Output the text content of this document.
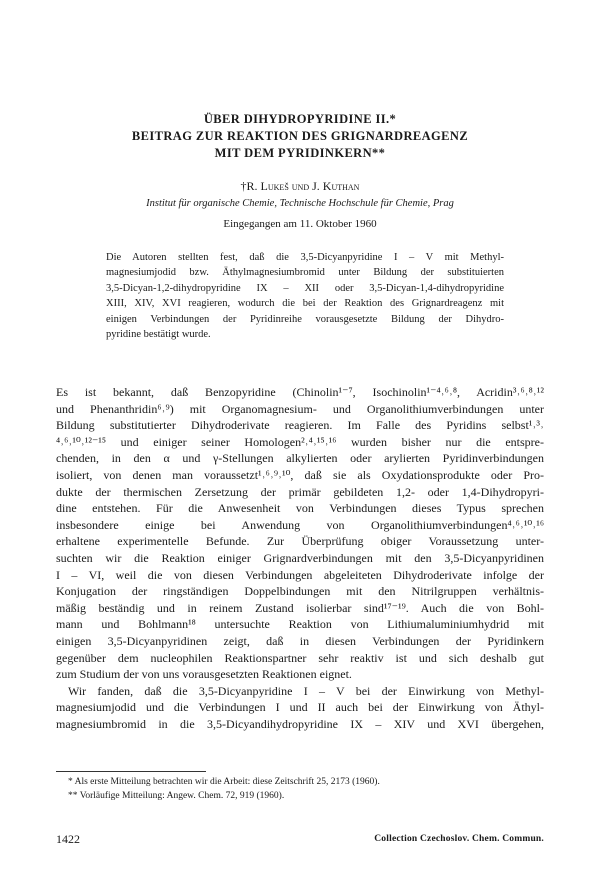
ÜBER DIHYDROPYRIDINE II.*
BEITRAG ZUR REAKTION DES GRIGNARDREAGENZ
MIT DEM PYRIDINKERN**
†R. Lukeš und J. Kuthan
Institut für organische Chemie, Technische Hochschule für Chemie, Prag
Eingegangen am 11. Oktober 1960
Die Autoren stellten fest, daß die 3,5-Dicyanpyridine I – V mit Methyl-
magnesiumjodid bzw. Äthylmagnesiumbromid unter Bildung der substituierten
3,5-Dicyan-1,2-dihydropyridine IX – XII oder 3,5-Dicyan-1,4-dihydropyridine
XIII, XIV, XVI reagieren, wodurch die bei der Reaktion des Grignardreagenz mit
einigen Verbindungen der Pyridinreihe vorausgesetzte Bildung der Dihydro-
pyridine bestätigt wurde.
Es ist bekannt, daß Benzopyridine (Chinolin¹⁻⁷, Isochinolin¹⁻⁴˒⁶˒⁸, Acridin³˒⁶˒⁸˒¹²
und Phenanthridin⁶˒⁹) mit Organomagnesium- und Organolithiumverbindungen unter
Bildung substitutierter Dihydroderivate reagieren. Im Falle des Pyridins selbst¹˒³˒
⁴˒⁶˒¹⁰˒¹²⁻¹⁵ und einiger seiner Homologen²˒⁴˒¹⁵˒¹⁶ wurden bisher nur die entspre-
chenden, in den α und γ-Stellungen alkylierten oder arylierten Pyridinverbindungen
isoliert, von denen man voraussetzt¹˒⁶˒⁹˒¹⁰, daß sie als Oxydationsprodukte oder Pro-
dukte der thermischen Zersetzung der primär gebildeten 1,2- oder 1,4-Dihydropyri-
dine entstehen. Für die Anwesenheit von Verbindungen dieses Typus sprechen
insbesondere einige bei Anwendung von Organolithiumverbindungen⁴˒⁶˒¹⁰˒¹⁶
erhaltene experimentelle Befunde. Zur Überprüfung obiger Voraussetzung unter-
suchten wir die Reaktion einiger Grignardverbindungen mit den 3,5-Dicyanpyridinen
I – VI, weil die von diesen Verbindungen abgeleiteten Dihydroderivate infolge der
Konjugation der ringständigen Doppelbindungen mit den Nitrilgruppen verhältnis-
mäßig beständig und in reinem Zustand isolierbar sind¹⁷⁻¹⁹. Auch die von Bohl-
mann und Bohlmann¹⁸ untersuchte Reaktion von Lithiumaluminiumhydrid mit
einigen 3,5-Dicyanpyridinen zeigt, daß in diesen Verbindungen der Pyridinkern
gegenüber dem nucleophilen Reaktionspartner sehr reaktiv ist und sich deshalb gut
zum Studium der von uns vorausgesetzten Reaktionen eignet.
Wir fanden, daß die 3,5-Dicyanpyridine I – V bei der Einwirkung von Methyl-
magnesiumjodid und die Verbindungen I und II auch bei der Einwirkung von Äthyl-
magnesiumbromid in die 3,5-Dicyandihydropyridine IX – XIV und XVI übergehen,
* Als erste Mitteilung betrachten wir die Arbeit: diese Zeitschrift 25, 2173 (1960).
** Vorläufige Mitteilung: Angew. Chem. 72, 919 (1960).
1422	Collection Czechoslov. Chem. Commun.
